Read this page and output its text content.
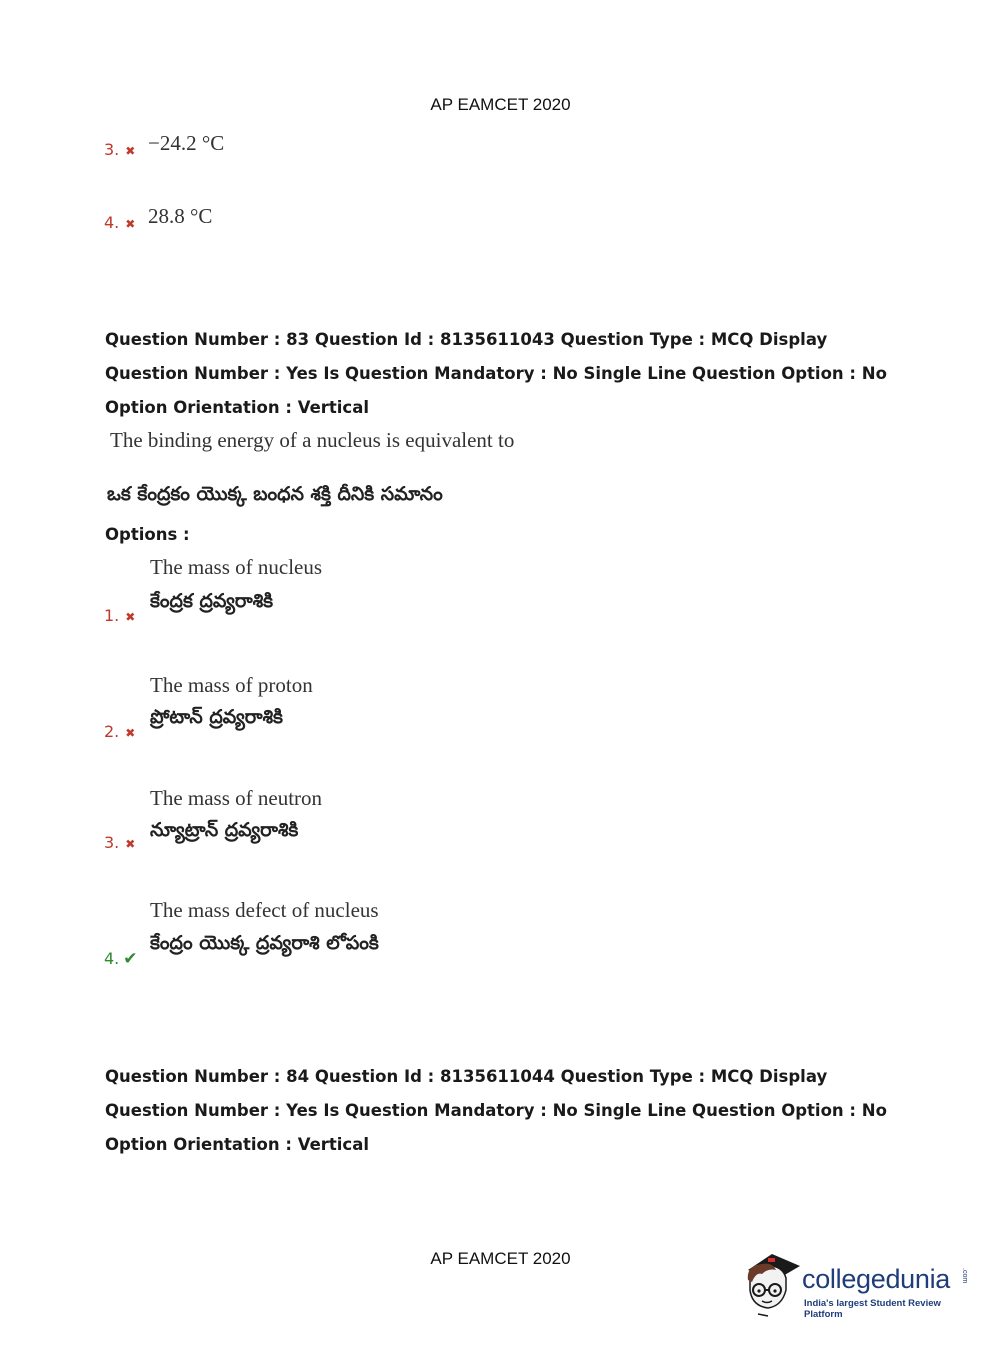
AP EAMCET 2020
3. ✖ −24.2 °C
4. ✖ 28.8 °C
Question Number : 83 Question Id : 8135611043 Question Type : MCQ Display Question Number : Yes Is Question Mandatory : No Single Line Question Option : No Option Orientation : Vertical
The binding energy of a nucleus is equivalent to
ఒక కేంద్రకం యొక్క బంధన శక్తి దీనికి సమానం
Options :
The mass of nucleus
కేంద్రక ద్రవ్యరాశికి
1. ✖
The mass of proton
ప్రోటాన్ ద్రవ్యరాశికి
2. ✖
The mass of neutron
న్యూట్రాన్ ద్రవ్యరాశికి
3. ✖
The mass defect of nucleus
కేంద్రం యొక్క ద్రవ్యరాశి లోపంకి
4. ✔
Question Number : 84 Question Id : 8135611044 Question Type : MCQ Display Question Number : Yes Is Question Mandatory : No Single Line Question Option : No Option Orientation : Vertical
AP EAMCET 2020
collegedunia .com
India's largest Student Review Platform
